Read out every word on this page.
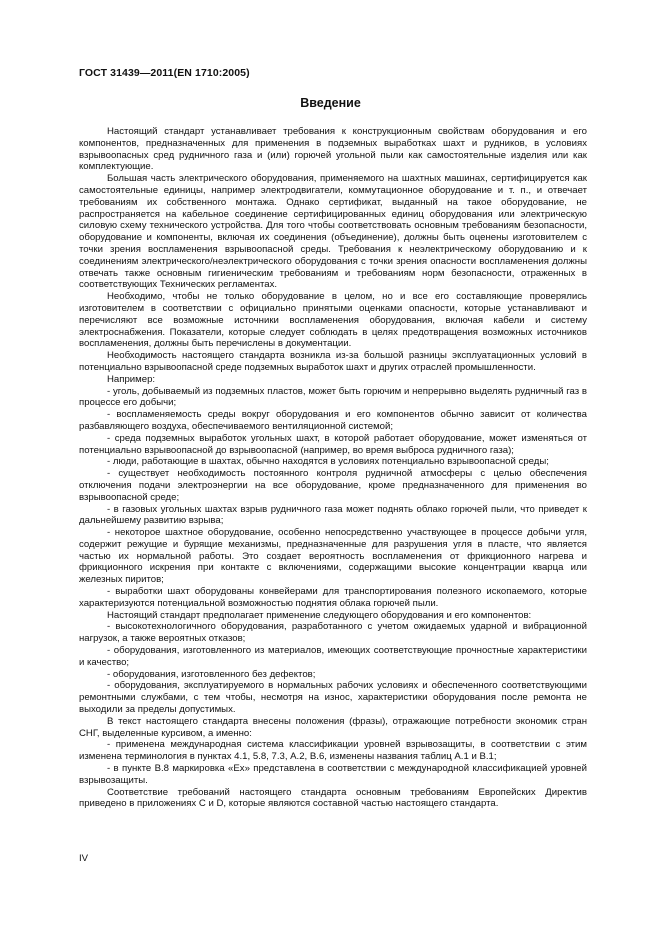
ГОСТ 31439—2011(EN 1710:2005)
Введение

Настоящий стандарт устанавливает требования к конструкционным свойствам оборудования и его компонентов, предназначенных для применения в подземных выработках шахт и рудников, в условиях взрывоопасных сред рудничного газа и (или) горючей угольной пыли как самостоятельные изделия или как комплектующие.

Большая часть электрического оборудования, применяемого на шахтных машинах, сертифицируется как самостоятельные единицы, например электродвигатели, коммутационное оборудование и т. п., и отвечает требованиям их собственного монтажа. Однако сертификат, выданный на такое оборудование, не распространяется на кабельное соединение сертифицированных единиц оборудования или электрическую силовую схему технического устройства. Для того чтобы соответствовать основным требованиям безопасности, оборудование и компоненты, включая их соединения (объединение), должны быть оценены изготовителем с точки зрения воспламенения взрывоопасной среды. Требования к неэлектрическому оборудованию и к соединениям электрического/неэлектрического оборудования с точки зрения опасности воспламенения должны отвечать также основным гигиеническим требованиям и требованиям норм безопасности, отраженных в соответствующих Технических регламентах.

Необходимо, чтобы не только оборудование в целом, но и все его составляющие проверялись изготовителем в соответствии с официально принятыми оценками опасности, которые устанавливают и перечисляют все возможные источники воспламенения оборудования, включая кабели и систему электроснабжения. Показатели, которые следует соблюдать в целях предотвращения возможных источников воспламенения, должны быть перечислены в документации.

Необходимость настоящего стандарта возникла из-за большой разницы эксплуатационных условий в потенциально взрывоопасной среде подземных выработок шахт и других отраслей промышленности.

Например:

- уголь, добываемый из подземных пластов, может быть горючим и непрерывно выделять рудничный газ в процессе его добычи;

- воспламеняемость среды вокруг оборудования и его компонентов обычно зависит от количества разбавляющего воздуха, обеспечиваемого вентиляционной системой;

- среда подземных выработок угольных шахт, в которой работает оборудование, может изменяться от потенциально взрывоопасной до взрывоопасной (например, во время выброса рудничного газа);

- люди, работающие в шахтах, обычно находятся в условиях потенциально взрывоопасной среды;

- существует необходимость постоянного контроля рудничной атмосферы с целью обеспечения отключения подачи электроэнергии на все оборудование, кроме предназначенного для применения во взрывоопасной среде;

- в газовых угольных шахтах взрыв рудничного газа может поднять облако горючей пыли, что приведет к дальнейшему развитию взрыва;

- некоторое шахтное оборудование, особенно непосредственно участвующее в процессе добычи угля, содержит режущие и бурящие механизмы, предназначенные для разрушения угля в пласте, что является частью их нормальной работы. Это создает вероятность воспламенения от фрикционного нагрева и фрикционного искрения при контакте с включениями, содержащими высокие концентрации кварца или железных пиритов;

- выработки шахт оборудованы конвейерами для транспортирования полезного ископаемого, которые характеризуются потенциальной возможностью поднятия облака горючей пыли.

Настоящий стандарт предполагает применение следующего оборудования и его компонентов:

- высокотехнологичного оборудования, разработанного с учетом ожидаемых ударной и вибрационной нагрузок, а также вероятных отказов;

- оборудования, изготовленного из материалов, имеющих соответствующие прочностные характеристики и качество;

- оборудования, изготовленного без дефектов;

- оборудования, эксплуатируемого в нормальных рабочих условиях и обеспеченного соответствующими ремонтными службами, с тем чтобы, несмотря на износ, характеристики оборудования после ремонта не выходили за пределы допустимых.

В текст настоящего стандарта внесены положения (фразы), отражающие потребности экономик стран СНГ, выделенные курсивом, а именно:

- применена международная система классификации уровней взрывозащиты, в соответствии с этим изменена терминология в пунктах 4.1, 5.8, 7.3, А.2, В.6, изменены названия таблиц А.1 и В.1;

- в пункте В.8 маркировка «Ех» представлена в соответствии с международной классификацией уровней взрывозащиты.

Соответствие требований настоящего стандарта основным требованиям Европейских Директив приведено в приложениях С и D, которые являются составной частью настоящего стандарта.

IV
